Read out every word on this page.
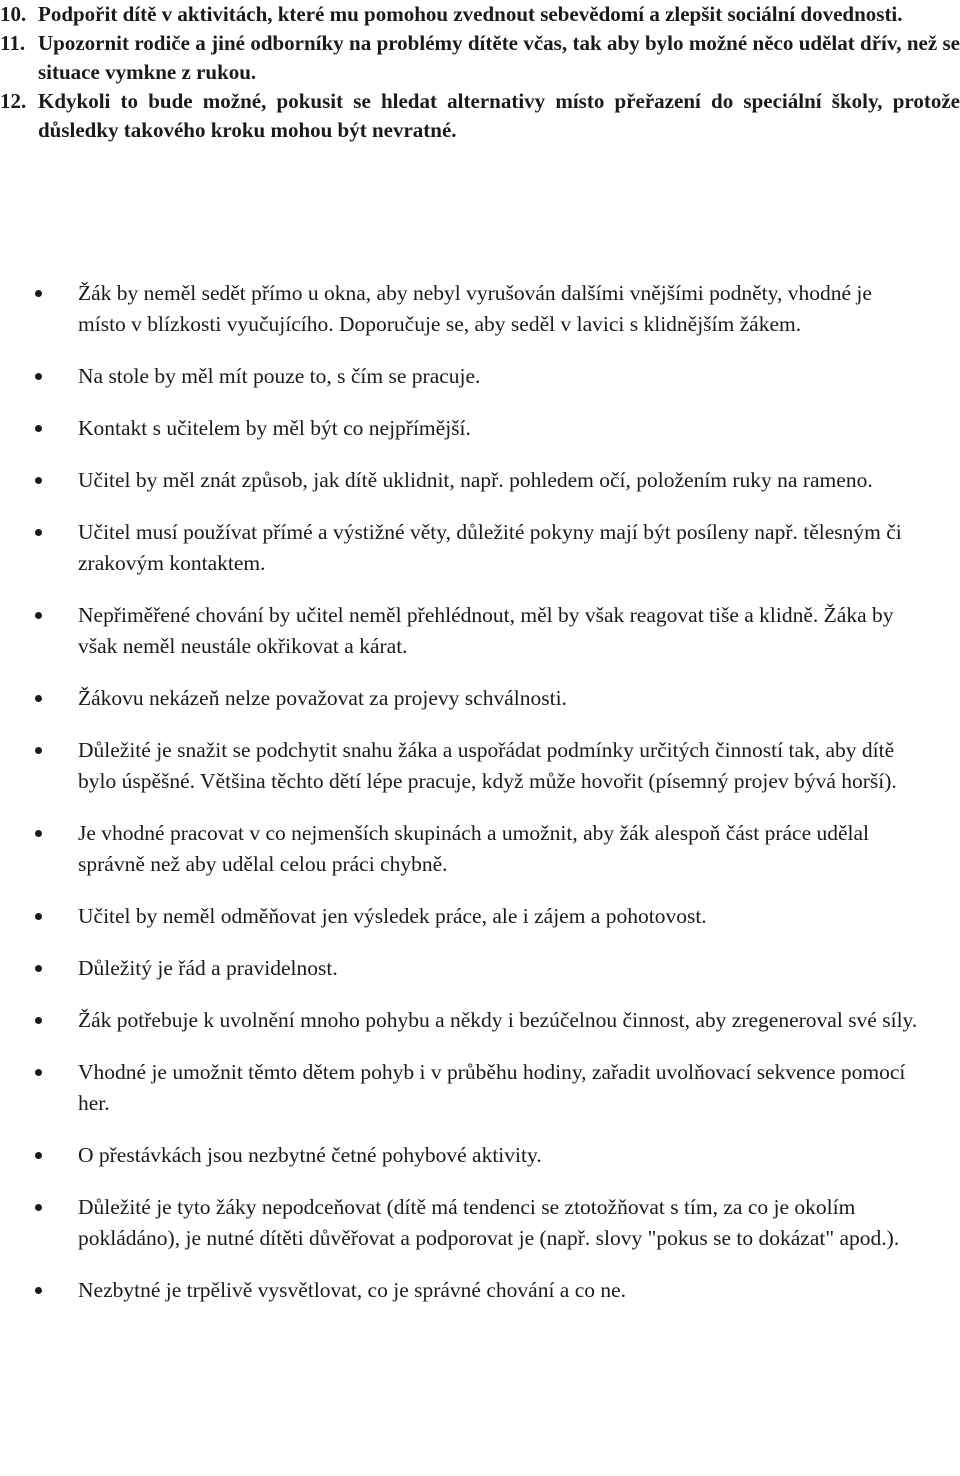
10. Podpořit dítě v aktivitách, které mu pomohou zvednout sebevědomí a zlepšit sociální dovednosti.
11. Upozornit rodiče a jiné odborníky na problémy dítěte včas, tak aby bylo možné něco udělat dřív, než se situace vymkne z rukou.
12. Kdykoli to bude možné, pokusit se hledat alternativy místo přeřazení do speciální školy, protože důsledky takového kroku mohou být nevratné.
Žák by neměl sedět přímo u okna, aby nebyl vyrušován dalšími vnějšími podněty, vhodné je místo v blízkosti vyučujícího. Doporučuje se, aby seděl v lavici s klidnějším žákem.
Na stole by měl mít pouze to, s čím se pracuje.
Kontakt s učitelem by měl být co nejpřímější.
Učitel by měl znát způsob, jak dítě uklidnit, např. pohledem očí, položením ruky na rameno.
Učitel musí používat přímé a výstižné věty, důležité pokyny mají být posíleny např. tělesným či zrakovým kontaktem.
Nepřiměřené chování by učitel neměl přehlédnout, měl by však reagovat tiše a klidně. Žáka by však neměl neustále okřikovat a kárat.
Žákovu nekázeň nelze považovat za projevy schválnosti.
Důležité je snažit se podchytit snahu žáka a uspořádat podmínky určitých činností tak, aby dítě bylo úspěšné. Většina těchto dětí lépe pracuje, když může hovořit (písemný projev bývá horší).
Je vhodné pracovat v co nejmenších skupinách a umožnit, aby žák alespoň část práce udělal správně než aby udělal celou práci chybně.
Učitel by neměl odměňovat jen výsledek práce, ale i zájem a pohotovost.
Důležitý je řád a pravidelnost.
Žák potřebuje k uvolnění mnoho pohybu a někdy i bezúčelnou činnost, aby zregeneroval své síly.
Vhodné je umožnit těmto dětem pohyb i v průběhu hodiny, zařadit uvolňovací sekvence pomocí her.
O přestávkách jsou nezbytné četné pohybové aktivity.
Důležité je tyto žáky nepodceňovat (dítě má tendenci se ztotožňovat s tím, za co je okolím pokládáno), je nutné dítěti důvěřovat a podporovat je (např. slovy "pokus se to dokázat" apod.).
Nezbytné je trpělivě vysvětlovat, co je správné chování a co ne.
